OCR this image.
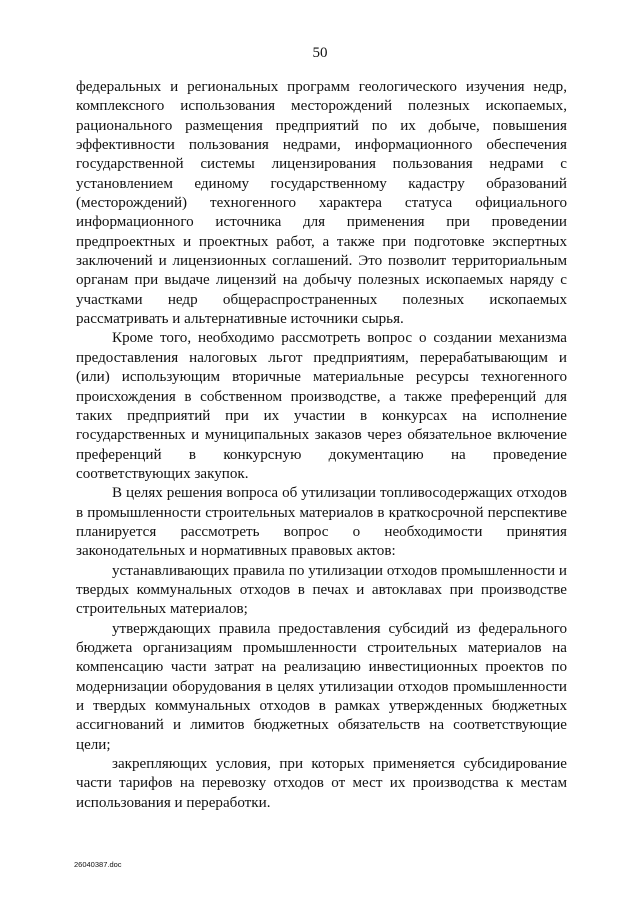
50

федеральных и региональных программ геологического изучения недр, комплексного использования месторождений полезных ископаемых, рационального размещения предприятий по их добыче, повышения эффективности пользования недрами, информационного обеспечения государственной системы лицензирования пользования недрами с установлением единому государственному кадастру образований (месторождений) техногенного характера статуса официального информационного источника для применения при проведении предпроектных и проектных работ, а также при подготовке экспертных заключений и лицензионных соглашений. Это позволит территориальным органам при выдаче лицензий на добычу полезных ископаемых наряду с участками недр общераспространенных полезных ископаемых рассматривать и альтернативные источники сырья.

Кроме того, необходимо рассмотреть вопрос о создании механизма предоставления налоговых льгот предприятиям, перерабатывающим и (или) использующим вторичные материальные ресурсы техногенного происхождения в собственном производстве, а также преференций для таких предприятий при их участии в конкурсах на исполнение государственных и муниципальных заказов через обязательное включение преференций в конкурсную документацию на проведение соответствующих закупок.

В целях решения вопроса об утилизации топливосодержащих отходов в промышленности строительных материалов в краткосрочной перспективе планируется рассмотреть вопрос о необходимости принятия законодательных и нормативных правовых актов:

устанавливающих правила по утилизации отходов промышленности и твердых коммунальных отходов в печах и автоклавах при производстве строительных материалов;

утверждающих правила предоставления субсидий из федерального бюджета организациям промышленности строительных материалов на компенсацию части затрат на реализацию инвестиционных проектов по модернизации оборудования в целях утилизации отходов промышленности и твердых коммунальных отходов в рамках утвержденных бюджетных ассигнований и лимитов бюджетных обязательств на соответствующие цели;

закрепляющих условия, при которых применяется субсидирование части тарифов на перевозку отходов от мест их производства к местам использования и переработки.

26040387.doc
